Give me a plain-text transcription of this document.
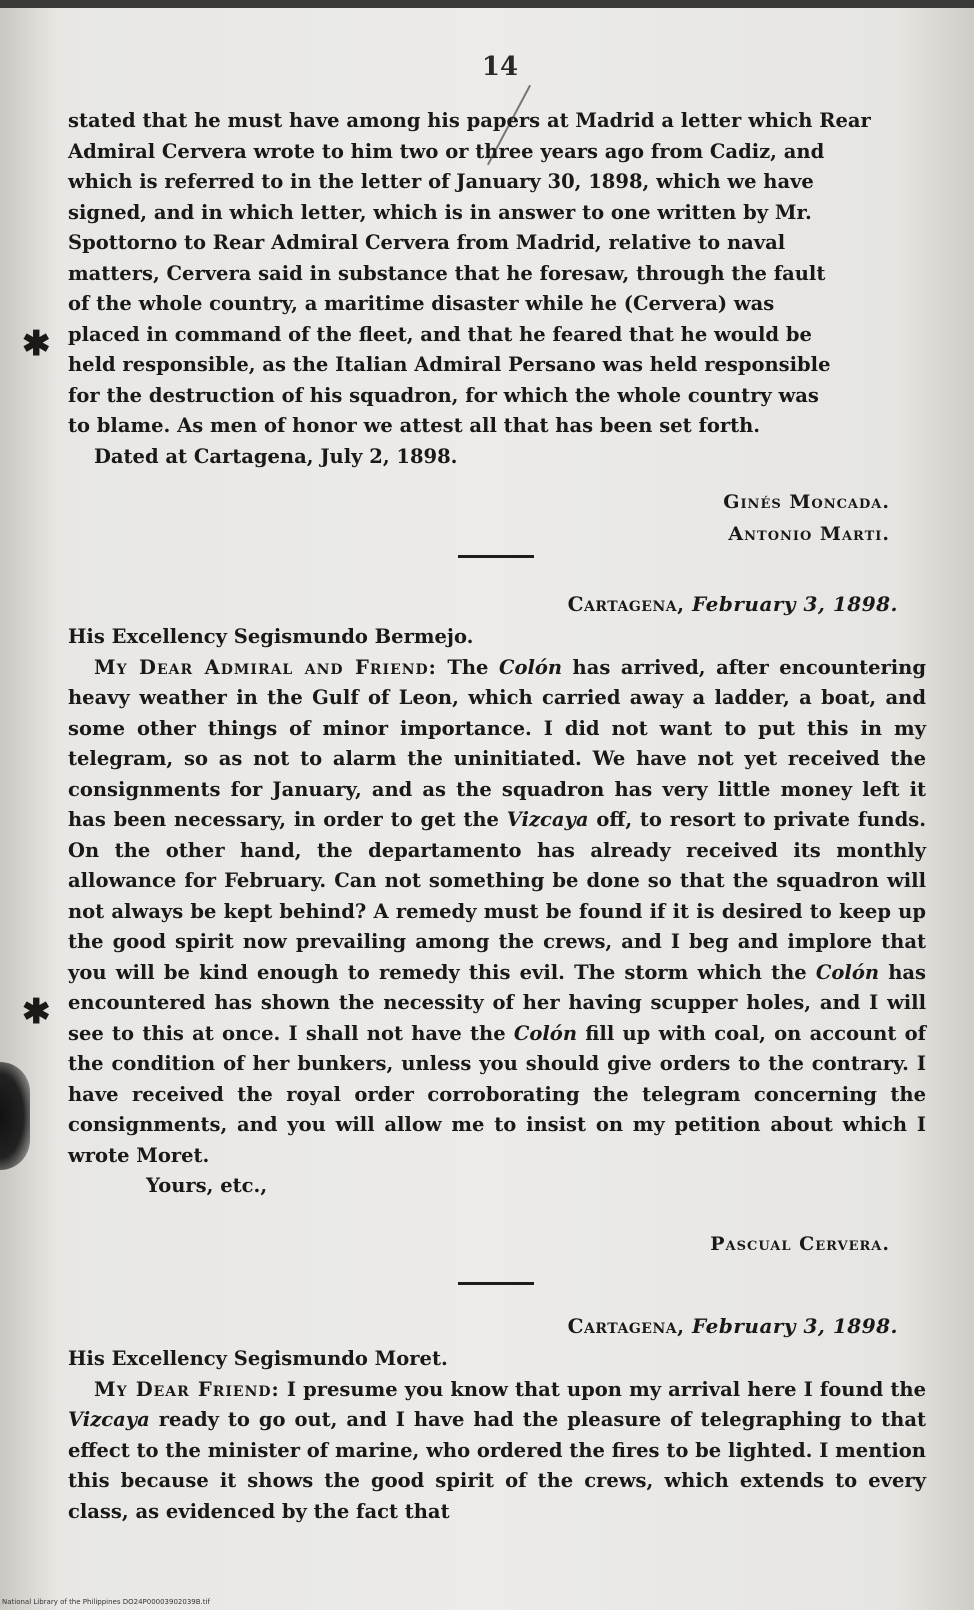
14
stated that he must have among his papers at Madrid a letter which Rear
Admiral Cervera wrote to him two or three years ago from Cadiz, and
which is referred to in the letter of January 30, 1898, which we have
signed, and in which letter, which is in answer to one written by Mr.
Spottorno to Rear Admiral Cervera from Madrid, relative to naval
matters, Cervera said in substance that he foresaw, through the fault
of the whole country, a maritime disaster while he (Cervera) was
placed in command of the fleet, and that he feared that he would be
held responsible, as the Italian Admiral Persano was held responsible
for the destruction of his squadron, for which the whole country was
to blame. As men of honor we attest all that has been set forth.
Dated at Cartagena, July 2, 1898.
Ginés Moncada.
Antonio Marti.
Cartagena, February 3, 1898.

His Excellency Segismundo Bermejo.

My Dear Admiral and Friend: The Colón has arrived, after encountering heavy weather in the Gulf of Leon, which carried away a ladder, a boat, and some other things of minor importance. I did not want to put this in my telegram, so as not to alarm the uninitiated. We have not yet received the consignments for January, and as the squadron has very little money left it has been necessary, in order to get the Vizcaya off, to resort to private funds. On the other hand, the departamento has already received its monthly allowance for February. Can not something be done so that the squadron will not always be kept behind? A remedy must be found if it is desired to keep up the good spirit now prevailing among the crews, and I beg and implore that you will be kind enough to remedy this evil. The storm which the Colón has encountered has shown the necessity of her having scupper holes, and I will see to this at once. I shall not have the Colón fill up with coal, on account of the condition of her bunkers, unless you should give orders to the contrary. I have received the royal order corroborating the telegram concerning the consignments, and you will allow me to insist on my petition about which I wrote Moret.

Yours, etc.,

Pascual Cervera.
Cartagena, February 3, 1898.

His Excellency Segismundo Moret.

My Dear Friend: I presume you know that upon my arrival here I found the Vizcaya ready to go out, and I have had the pleasure of telegraphing to that effect to the minister of marine, who ordered the fires to be lighted. I mention this because it shows the good spirit of the crews, which extends to every class, as evidenced by the fact that

✱
✱
National Library of the Philippines DO24P00003902039B.tif
